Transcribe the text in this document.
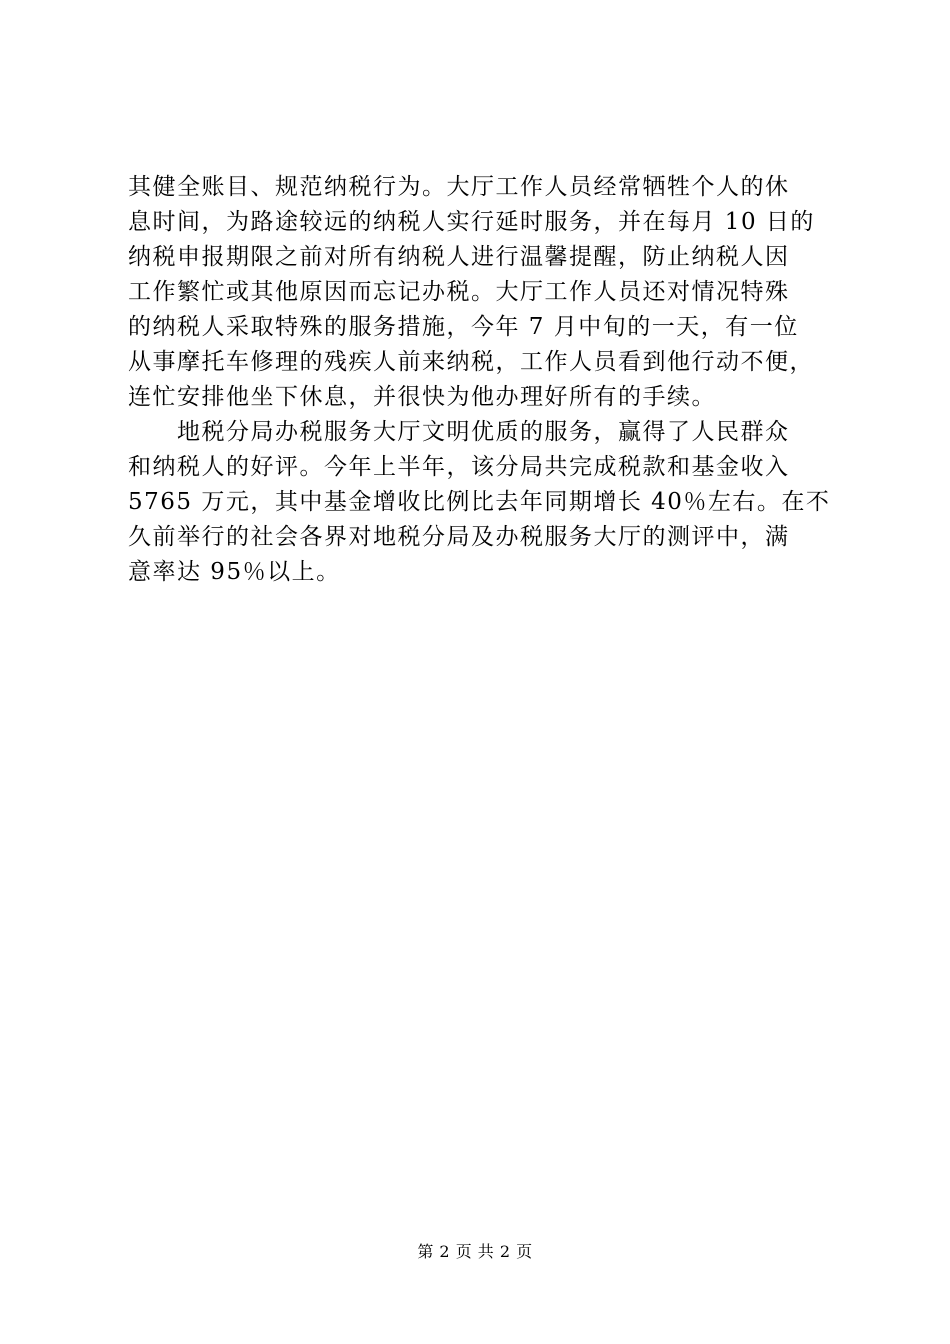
其健全账目、规范纳税行为。大厅工作人员经常牺牲个人的休
息时间，为路途较远的纳税人实行延时服务，并在每月 10 日的
纳税申报期限之前对所有纳税人进行温馨提醒，防止纳税人因
工作繁忙或其他原因而忘记办税。大厅工作人员还对情况特殊
的纳税人采取特殊的服务措施，今年 7 月中旬的一天，有一位
从事摩托车修理的残疾人前来纳税，工作人员看到他行动不便，
连忙安排他坐下休息，并很快为他办理好所有的手续。
　　地税分局办税服务大厅文明优质的服务，赢得了人民群众
和纳税人的好评。今年上半年，该分局共完成税款和基金收入
5765 万元，其中基金增收比例比去年同期增长 40％左右。在不
久前举行的社会各界对地税分局及办税服务大厅的测评中，满
意率达 95％以上。
第 2 页 共 2 页
